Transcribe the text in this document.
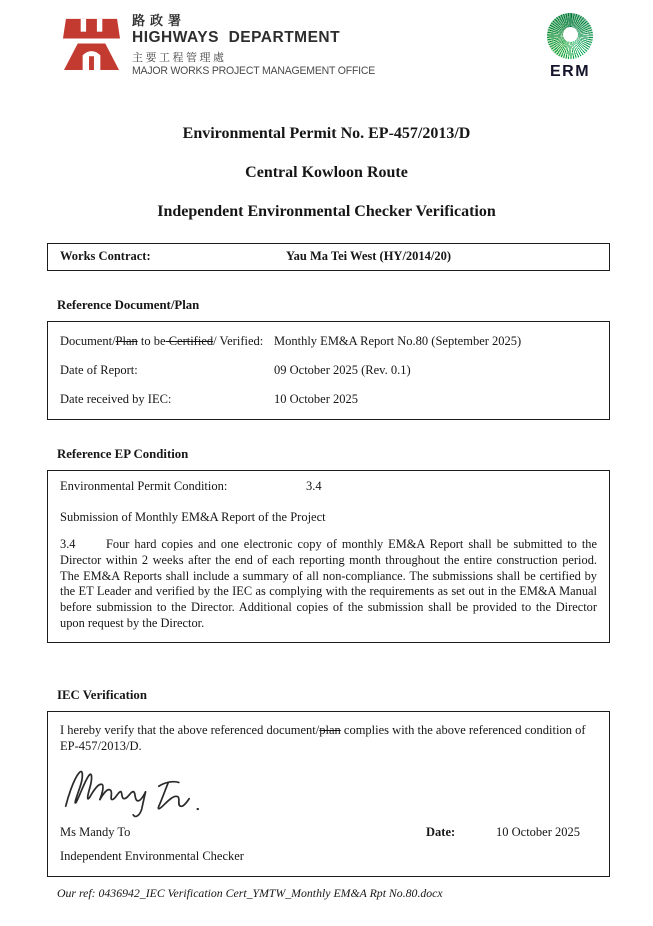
路政署
HIGHWAYS  DEPARTMENT
主要工程管理處
MAJOR WORKS PROJECT MANAGEMENT OFFICE	ERM
Environmental Permit No. EP-457/2013/D
Central Kowloon Route
Independent Environmental Checker Verification
Works Contract:	Yau Ma Tei West (HY/2014/20)
Reference Document/Plan
Document/Plan to be Certified/ Verified: Monthly EM&A Report No.80 (September 2025)
Date of Report:	09 October 2025 (Rev. 0.1)
Date received by IEC:	10 October 2025
Reference EP Condition
Environmental Permit Condition:	3.4
Submission of Monthly EM&A Report of the Project

3.4 Four hard copies and one electronic copy of monthly EM&A Report shall be submitted to the Director within 2 weeks after the end of each reporting month throughout the entire construction period. The EM&A Reports shall include a summary of all non-compliance. The submissions shall be certified by the ET Leader and verified by the IEC as complying with the requirements as set out in the EM&A Manual before submission to the Director. Additional copies of the submission shall be provided to the Director upon request by the Director.

IEC Verification

I hereby verify that the above referenced document/plan complies with the above referenced condition of EP-457/2013/D.

Ms Mandy To	Date:	10 October 2025
Independent Environmental Checker
Our ref: 0436942_IEC Verification Cert_YMTW_Monthly EM&A Rpt No.80.docx
